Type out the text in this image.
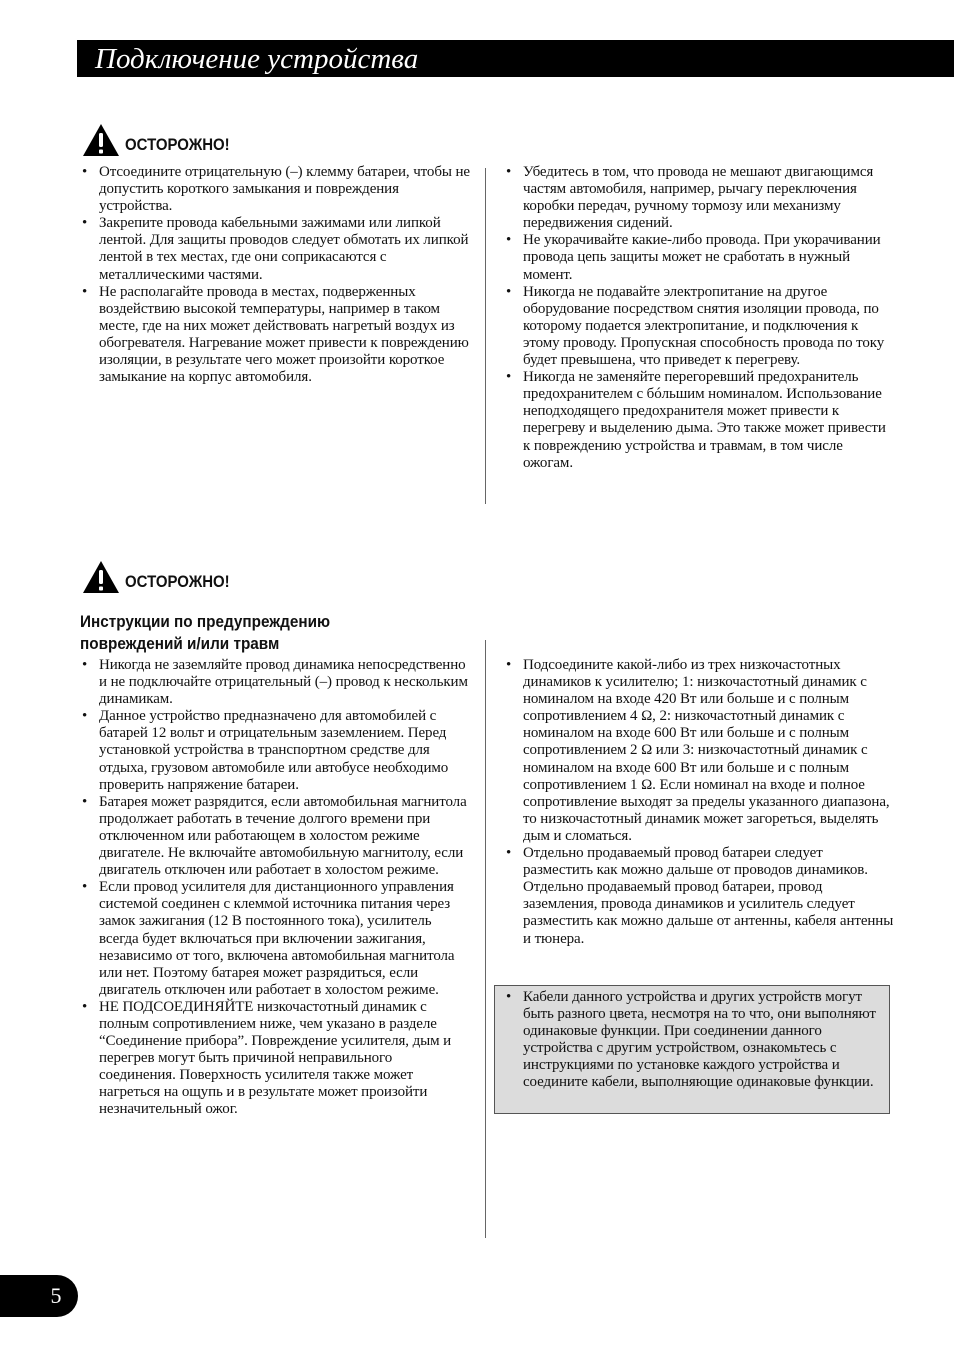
Подключение устройства
ОСТОРОЖНО!
• Отсоедините отрицательную (–) клемму батареи, чтобы не допустить короткого замыкания и повреждения устройства.
• Закрепите провода кабельными зажимами или липкой лентой. Для защиты проводов следует обмотать их липкой лентой в тех местах, где они соприкасаются с металлическими частями.
• Не располагайте провода в местах, подверженных воздействию высокой температуры, например в таком месте, где на них может действовать нагретый воздух из обогревателя. Нагревание может привести к повреждению изоляции, в результате чего может произойти короткое замыкание на корпус автомобиля.
• Убедитесь в том, что провода не мешают двигающимся частям автомобиля, например, рычагу переключения коробки передач, ручному тормозу или механизму передвижения сидений.
• Не укорачивайте какие-либо провода. При укорачивании провода цепь защиты может не сработать в нужный момент.
• Никогда не подавайте электропитание на другое оборудование посредством снятия изоляции провода, по которому подается электропитание, и подключения к этому проводу. Пропускная способность провода по току будет превышена, что приведет к перегреву.
• Никогда не заменяйте перегоревший предохранитель предохранителем с бóльшим номиналом. Использование неподходящего предохранителя может привести к перегреву и выделению дыма. Это также может привести к повреждению устройства и травмам, в том числе ожогам.
ОСТОРОЖНО!
Инструкции по предупреждению
повреждений и/или травм
• Никогда не заземляйте провод динамика непосредственно и не подключайте отрицательный (–) провод к нескольким динамикам.
• Данное устройство предназначено для автомобилей с батарей 12 вольт и отрицательным заземлением. Перед установкой устройства в транспортном средстве для отдыха, грузовом автомобиле или автобусе необходимо проверить напряжение батареи.
• Батарея может разрядится, если автомобильная магнитола продолжает работать в течение долгого времени при отключенном или работающем в холостом режиме двигателе. Не включайте автомобильную магнитолу, если двигатель отключен или работает в холостом режиме.
• Если провод усилителя для дистанционного управления системой соединен с клеммой источника питания через замок зажигания (12 В постоянного тока), усилитель всегда будет включаться при включении зажигания, независимо от того, включена автомобильная магнитола или нет. Поэтому батарея может разрядиться, если двигатель отключен или работает в холостом режиме.
• НЕ ПОДСОЕДИНЯЙТЕ низкочастотный динамик с полным сопротивлением ниже, чем указано в разделе “Соединение прибора”. Повреждение усилителя, дым и перегрев могут быть причиной неправильного соединения. Поверхность усилителя также может нагреться на ощупь и в результате может произойти незначительный ожог.
• Подсоедините какой-либо из трех низкочастотных динамиков к усилителю; 1: низкочастотный динамик с номиналом на входе 420 Вт или больше и с полным сопротивлением 4 Ω, 2: низкочастотный динамик с номиналом на входе 600 Вт или больше и с полным сопротивлением 2 Ω или 3: низкочастотный динамик с номиналом на входе 600 Вт или больше и с полным сопротивлением 1 Ω. Если номинал на входе и полное сопротивление выходят за пределы указанного диапазона, то низкочастотный динамик может загореться, выделять дым и сломаться.
• Отдельно продаваемый провод батареи следует разместить как можно дальше от проводов динамиков. Отдельно продаваемый провод батареи, провод заземления, провода динамиков и усилитель следует разместить как можно дальше от антенны, кабеля антенны и тюнера.
• Кабели данного устройства и других устройств могут быть разного цвета, несмотря на то что, они выполняют одинаковые функции. При соединении данного устройства с другим устройством, ознакомьтесь с инструкциями по установке каждого устройства и соедините кабели, выполняющие одинаковые функции.
5
